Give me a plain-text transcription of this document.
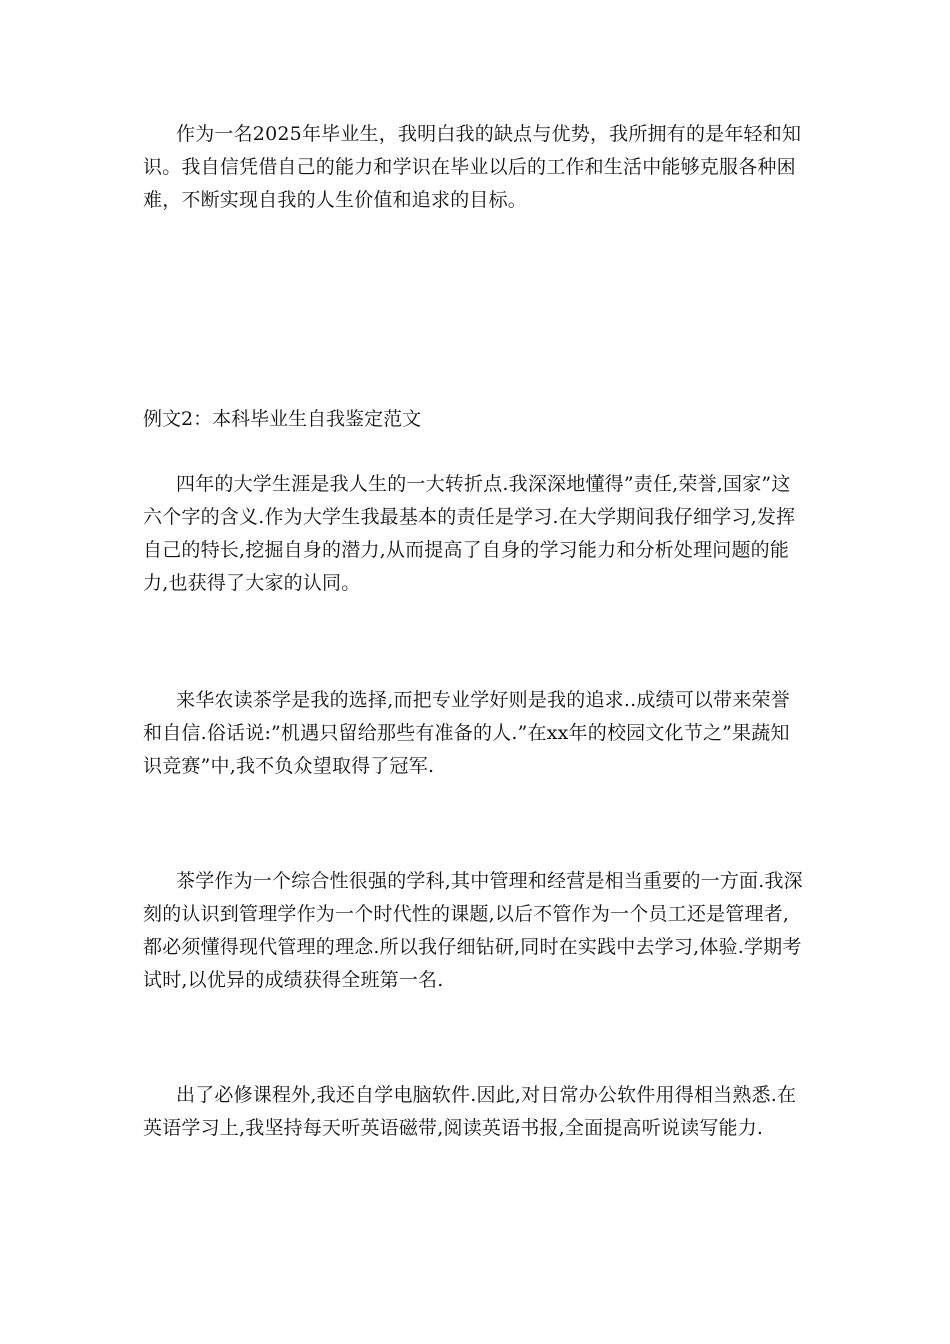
作为一名2025年毕业生，我明白我的缺点与优势，我所拥有的是年轻和知识。我自信凭借自己的能力和学识在毕业以后的工作和生活中能够克服各种困难，不断实现自我的人生价值和追求的目标。

例文2：本科毕业生自我鉴定范文

四年的大学生涯是我人生的一大转折点.我深深地懂得”责任,荣誉,国家”这六个字的含义.作为大学生我最基本的责任是学习.在大学期间我仔细学习,发挥自己的特长,挖掘自身的潜力,从而提高了自身的学习能力和分析处理问题的能力,也获得了大家的认同。

来华农读茶学是我的选择,而把专业学好则是我的追求..成绩可以带来荣誉和自信.俗话说:”机遇只留给那些有准备的人.”在xx年的校园文化节之”果蔬知识竞赛”中,我不负众望取得了冠军.

茶学作为一个综合性很强的学科,其中管理和经营是相当重要的一方面.我深刻的认识到管理学作为一个时代性的课题,以后不管作为一个员工还是管理者,都必须懂得现代管理的理念.所以我仔细钻研,同时在实践中去学习,体验.学期考试时,以优异的成绩获得全班第一名.

出了必修课程外,我还自学电脑软件.因此,对日常办公软件用得相当熟悉.在英语学习上,我坚持每天听英语磁带,阅读英语书报,全面提高听说读写能力.
